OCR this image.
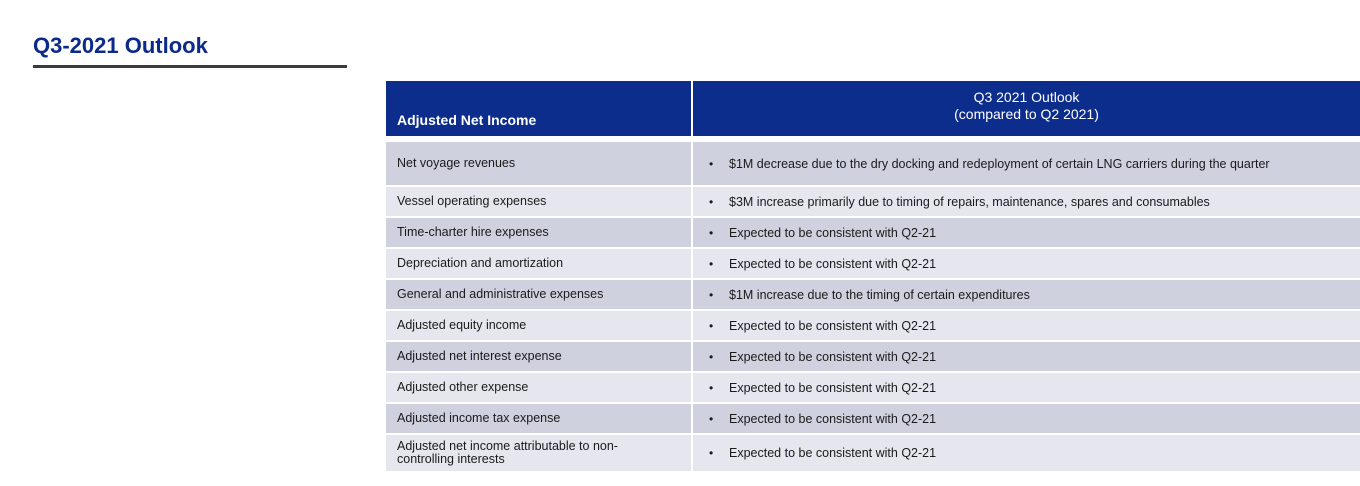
Q3-2021 Outlook
Adjusted Net Income	Q3 2021 Outlook
(compared to Q2 2021)

Net voyage revenues	• $1M decrease due to the dry docking and redeployment of certain LNG carriers during the quarter
Vessel operating expenses	• $3M increase primarily due to timing of repairs, maintenance, spares and consumables
Time-charter hire expenses	• Expected to be consistent with Q2-21
Depreciation and amortization	• Expected to be consistent with Q2-21
General and administrative expenses	• $1M increase due to the timing of certain expenditures
Adjusted equity income	• Expected to be consistent with Q2-21
Adjusted net interest expense	• Expected to be consistent with Q2-21
Adjusted other expense	• Expected to be consistent with Q2-21
Adjusted income tax expense	• Expected to be consistent with Q2-21
Adjusted net income attributable to non-controlling interests	• Expected to be consistent with Q2-21
